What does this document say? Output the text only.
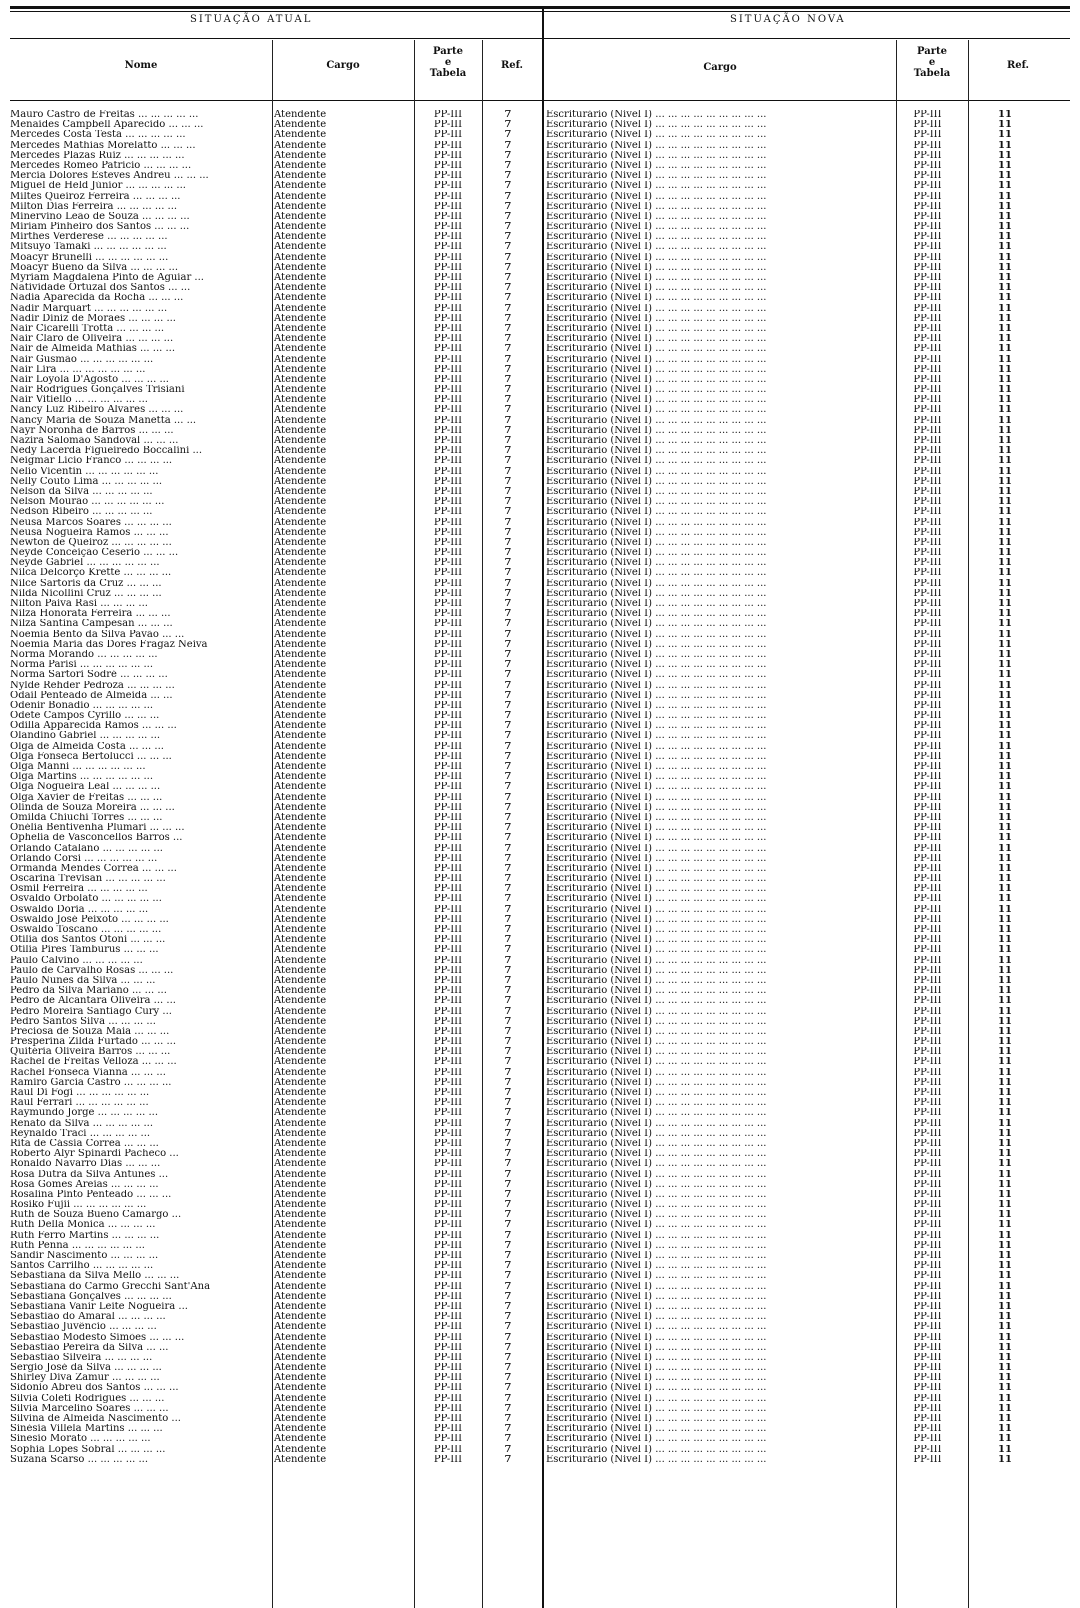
SITUAÇÃO ATUAL	SITUAÇÃO NOVA
Nome	Cargo
Parte
e
Tabela
Ref.	Cargo
Parte
e
Tabela
Ref.
Mauro Castro de Freitas ... ... ... ... ...	Atendente	PP-III	7	Escriturário (Nivel I) ... ... ... ... ... ... ... ... ...	PP-III	11
Menaides Campbell Aparecido ... ... ...	Atendente	PP-III	7	Escriturário (Nivel I) ... ... ... ... ... ... ... ... ...	PP-III	11
Mercedes Costa Testa ... ... ... ... ...	Atendente	PP-III	7	Escriturário (Nivel I) ... ... ... ... ... ... ... ... ...	PP-III	11
Mercedes Mathias Morelatto ... ... ...	Atendente	PP-III	7	Escriturário (Nivel I) ... ... ... ... ... ... ... ... ...	PP-III	11
Mercedes Plazas Ruiz ... ... ... ... ...	Atendente	PP-III	7	Escriturário (Nivel I) ... ... ... ... ... ... ... ... ...	PP-III	11
Mercedes Romeo Patricio ... ... ... ...	Atendente	PP-III	7	Escriturário (Nivel I) ... ... ... ... ... ... ... ... ...	PP-III	11
Mercia Dolores Esteves Andreu ... ... ...	Atendente	PP-III	7	Escriturário (Nivel I) ... ... ... ... ... ... ... ... ...	PP-III	11
Miguel de Held Júnior ... ... ... ... ...	Atendente	PP-III	7	Escriturário (Nivel I) ... ... ... ... ... ... ... ... ...	PP-III	11
Miltes Queiroz Ferreira ... ... ... ...	Atendente	PP-III	7	Escriturário (Nivel I) ... ... ... ... ... ... ... ... ...	PP-III	11
Milton Dias Ferreira ... ... ... ... ...	Atendente	PP-III	7	Escriturário (Nivel I) ... ... ... ... ... ... ... ... ...	PP-III	11
Minervino Leão de Souza ... ... ... ...	Atendente	PP-III	7	Escriturário (Nivel I) ... ... ... ... ... ... ... ... ...	PP-III	11
Miriam Pinheiro dos Santos ... ... ...	Atendente	PP-III	7	Escriturário (Nivel I) ... ... ... ... ... ... ... ... ...	PP-III	11
Mirthes Verderese ... ... ... ... ...	Atendente	PP-III	7	Escriturário (Nivel I) ... ... ... ... ... ... ... ... ...	PP-III	11
Mitsuyo Tamaki ... ... ... ... ... ...	Atendente	PP-III	7	Escriturário (Nivel I) ... ... ... ... ... ... ... ... ...	PP-III	11
Moacyr Brunelli ... ... ... ... ... ...	Atendente	PP-III	7	Escriturário (Nivel I) ... ... ... ... ... ... ... ... ...	PP-III	11
Moacyr Bueno da Silva ... ... ... ...	Atendente	PP-III	7	Escriturário (Nivel I) ... ... ... ... ... ... ... ... ...	PP-III	11
Myriam Magdalena Pinto de Aguiar ...	Atendente	PP-III	7	Escriturário (Nivel I) ... ... ... ... ... ... ... ... ...	PP-III	11
Natividade Ortuzal dos Santos ... ...	Atendente	PP-III	7	Escriturário (Nivel I) ... ... ... ... ... ... ... ... ...	PP-III	11
Nadia Aparecida da Rocha ... ... ...	Atendente	PP-III	7	Escriturário (Nivel I) ... ... ... ... ... ... ... ... ...	PP-III	11
Nadir Marquart ... ... ... ... ... ...	Atendente	PP-III	7	Escriturário (Nivel I) ... ... ... ... ... ... ... ... ...	PP-III	11
Nadir Diniz de Moraes ... ... ... ...	Atendente	PP-III	7	Escriturário (Nivel I) ... ... ... ... ... ... ... ... ...	PP-III	11
Nair Cicarelli Trotta ... ... ... ...	Atendente	PP-III	7	Escriturário (Nivel I) ... ... ... ... ... ... ... ... ...	PP-III	11
Nair Claro de Oliveira ... ... ... ...	Atendente	PP-III	7	Escriturário (Nivel I) ... ... ... ... ... ... ... ... ...	PP-III	11
Nair de Almeida Mathias ... ... ...	Atendente	PP-III	7	Escriturário (Nivel I) ... ... ... ... ... ... ... ... ...	PP-III	11
Nair Gusmão ... ... ... ... ... ...	Atendente	PP-III	7	Escriturário (Nivel I) ... ... ... ... ... ... ... ... ...	PP-III	11
Nair Lira ... ... ... ... ... ... ...	Atendente	PP-III	7	Escriturário (Nivel I) ... ... ... ... ... ... ... ... ...	PP-III	11
Nair Loyola D'Agosto ... ... ... ...	Atendente	PP-III	7	Escriturário (Nivel I) ... ... ... ... ... ... ... ... ...	PP-III	11
Nair Rodrigues Gonçalves Trisiani	Atendente	PP-III	7	Escriturário (Nivel I) ... ... ... ... ... ... ... ... ...	PP-III	11
Nair Vitiello ... ... ... ... ... ...	Atendente	PP-III	7	Escriturário (Nivel I) ... ... ... ... ... ... ... ... ...	PP-III	11
Nancy Luz Ribeiro Alvares ... ... ...	Atendente	PP-III	7	Escriturário (Nivel I) ... ... ... ... ... ... ... ... ...	PP-III	11
Nancy Maria de Souza Manetta ... ...	Atendente	PP-III	7	Escriturário (Nivel I) ... ... ... ... ... ... ... ... ...	PP-III	11
Nayr Noronha de Barros ... ... ...	Atendente	PP-III	7	Escriturário (Nivel I) ... ... ... ... ... ... ... ... ...	PP-III	11
Nazira Salomão Sandoval ... ... ...	Atendente	PP-III	7	Escriturário (Nivel I) ... ... ... ... ... ... ... ... ...	PP-III	11
Nedy Lacerda Figueiredo Boccalini ...	Atendente	PP-III	7	Escriturário (Nivel I) ... ... ... ... ... ... ... ... ...	PP-III	11
Neigmar Licio Franco ... ... ... ...	Atendente	PP-III	7	Escriturário (Nivel I) ... ... ... ... ... ... ... ... ...	PP-III	11
Nelio Vicentin ... ... ... ... ... ...	Atendente	PP-III	7	Escriturário (Nivel I) ... ... ... ... ... ... ... ... ...	PP-III	11
Nelly Couto Lima ... ... ... ... ...	Atendente	PP-III	7	Escriturário (Nivel I) ... ... ... ... ... ... ... ... ...	PP-III	11
Nelson da Silva ... ... ... ... ...	Atendente	PP-III	7	Escriturário (Nivel I) ... ... ... ... ... ... ... ... ...	PP-III	11
Nelson Mourão ... ... ... ... ... ...	Atendente	PP-III	7	Escriturário (Nivel I) ... ... ... ... ... ... ... ... ...	PP-III	11
Nedson Ribeiro ... ... ... ... ...	Atendente	PP-III	7	Escriturário (Nivel I) ... ... ... ... ... ... ... ... ...	PP-III	11
Neusa Marcos Soares ... ... ... ...	Atendente	PP-III	7	Escriturário (Nivel I) ... ... ... ... ... ... ... ... ...	PP-III	11
Neusa Nogueira Ramos ... ... ...	Atendente	PP-III	7	Escriturário (Nivel I) ... ... ... ... ... ... ... ... ...	PP-III	11
Newton de Queiroz ... ... ... ... ...	Atendente	PP-III	7	Escriturário (Nivel I) ... ... ... ... ... ... ... ... ...	PP-III	11
Neyde Conceição Ceserio ... ... ...	Atendente	PP-III	7	Escriturário (Nivel I) ... ... ... ... ... ... ... ... ...	PP-III	11
Neyde Gabriel ... ... ... ... ... ...	Atendente	PP-III	7	Escriturário (Nivel I) ... ... ... ... ... ... ... ... ...	PP-III	11
Nilca Delcorço Krette ... ... ... ...	Atendente	PP-III	7	Escriturário (Nivel I) ... ... ... ... ... ... ... ... ...	PP-III	11
Nilce Sartoris da Cruz ... ... ...	Atendente	PP-III	7	Escriturário (Nivel I) ... ... ... ... ... ... ... ... ...	PP-III	11
Nilda Nicollini Cruz ... ... ... ...	Atendente	PP-III	7	Escriturário (Nivel I) ... ... ... ... ... ... ... ... ...	PP-III	11
Nilton Paiva Rasi ... ... ... ...	Atendente	PP-III	7	Escriturário (Nivel I) ... ... ... ... ... ... ... ... ...	PP-III	11
Nilza Honorata Ferreira ... ... ...	Atendente	PP-III	7	Escriturário (Nivel I) ... ... ... ... ... ... ... ... ...	PP-III	11
Nilza Santina Campesan ... ... ...	Atendente	PP-III	7	Escriturário (Nivel I) ... ... ... ... ... ... ... ... ...	PP-III	11
Noemia Bento da Silva Pavão ... ...	Atendente	PP-III	7	Escriturário (Nivel I) ... ... ... ... ... ... ... ... ...	PP-III	11
Noemia Maria das Dores Fragaz Neiva	Atendente	PP-III	7	Escriturário (Nivel I) ... ... ... ... ... ... ... ... ...	PP-III	11
Norma Morando ... ... ... ... ...	Atendente	PP-III	7	Escriturário (Nivel I) ... ... ... ... ... ... ... ... ...	PP-III	11
Norma Parisi ... ... ... ... ... ...	Atendente	PP-III	7	Escriturário (Nivel I) ... ... ... ... ... ... ... ... ...	PP-III	11
Norma Sartori Sodré ... ... ... ...	Atendente	PP-III	7	Escriturário (Nivel I) ... ... ... ... ... ... ... ... ...	PP-III	11
Nylde Rehder Pedroza ... ... ... ...	Atendente	PP-III	7	Escriturário (Nivel I) ... ... ... ... ... ... ... ... ...	PP-III	11
Odail Penteado de Almeida ... ...	Atendente	PP-III	7	Escriturário (Nivel I) ... ... ... ... ... ... ... ... ...	PP-III	11
Odenir Bonadio ... ... ... ... ...	Atendente	PP-III	7	Escriturário (Nivel I) ... ... ... ... ... ... ... ... ...	PP-III	11
Odete Campos Cyrillo ... ... ...	Atendente	PP-III	7	Escriturário (Nivel I) ... ... ... ... ... ... ... ... ...	PP-III	11
Odilla Apparecida Ramos ... ... ...	Atendente	PP-III	7	Escriturário (Nivel I) ... ... ... ... ... ... ... ... ...	PP-III	11
Olandino Gabriel ... ... ... ... ...	Atendente	PP-III	7	Escriturário (Nivel I) ... ... ... ... ... ... ... ... ...	PP-III	11
Olga de Almeida Costa ... ... ...	Atendente	PP-III	7	Escriturário (Nivel I) ... ... ... ... ... ... ... ... ...	PP-III	11
Olga Fonseca Bertolucci ... ... ...	Atendente	PP-III	7	Escriturário (Nivel I) ... ... ... ... ... ... ... ... ...	PP-III	11
Olga Manni ... ... ... ... ... ...	Atendente	PP-III	7	Escriturário (Nivel I) ... ... ... ... ... ... ... ... ...	PP-III	11
Olga Martins ... ... ... ... ... ...	Atendente	PP-III	7	Escriturário (Nivel I) ... ... ... ... ... ... ... ... ...	PP-III	11
Olga Nogueira Leal ... ... ... ...	Atendente	PP-III	7	Escriturário (Nivel I) ... ... ... ... ... ... ... ... ...	PP-III	11
Olga Xavier de Freitas ... ... ...	Atendente	PP-III	7	Escriturário (Nivel I) ... ... ... ... ... ... ... ... ...	PP-III	11
Olinda de Souza Moreira ... ... ...	Atendente	PP-III	7	Escriturário (Nivel I) ... ... ... ... ... ... ... ... ...	PP-III	11
Omilda Chiuchi Torres ... ... ...	Atendente	PP-III	7	Escriturário (Nivel I) ... ... ... ... ... ... ... ... ...	PP-III	11
Onélia Bentivenha Plumari ... ... ...	Atendente	PP-III	7	Escriturário (Nivel I) ... ... ... ... ... ... ... ... ...	PP-III	11
Ophelia de Vasconcellos Barros ...	Atendente	PP-III	7	Escriturário (Nivel I) ... ... ... ... ... ... ... ... ...	PP-III	11
Orlando Catalano ... ... ... ... ...	Atendente	PP-III	7	Escriturário (Nivel I) ... ... ... ... ... ... ... ... ...	PP-III	11
Orlando Corsi ... ... ... ... ... ...	Atendente	PP-III	7	Escriturário (Nivel I) ... ... ... ... ... ... ... ... ...	PP-III	11
Ormanda Mendes Correa ... ... ...	Atendente	PP-III	7	Escriturário (Nivel I) ... ... ... ... ... ... ... ... ...	PP-III	11
Oscarina Trevisan ... ... ... ... ...	Atendente	PP-III	7	Escriturário (Nivel I) ... ... ... ... ... ... ... ... ...	PP-III	11
Osmil Ferreira ... ... ... ... ...	Atendente	PP-III	7	Escriturário (Nivel I) ... ... ... ... ... ... ... ... ...	PP-III	11
Osvaldo Orbolato ... ... ... ... ...	Atendente	PP-III	7	Escriturário (Nivel I) ... ... ... ... ... ... ... ... ...	PP-III	11
Oswaldo Doria ... ... ... ... ...	Atendente	PP-III	7	Escriturário (Nivel I) ... ... ... ... ... ... ... ... ...	PP-III	11
Oswaldo José Peixoto ... ... ... ...	Atendente	PP-III	7	Escriturário (Nivel I) ... ... ... ... ... ... ... ... ...	PP-III	11
Oswaldo Toscano ... ... ... ... ...	Atendente	PP-III	7	Escriturário (Nivel I) ... ... ... ... ... ... ... ... ...	PP-III	11
Otilia dos Santos Otoni ... ... ...	Atendente	PP-III	7	Escriturário (Nivel I) ... ... ... ... ... ... ... ... ...	PP-III	11
Otilia Pires Tamburus ... ... ...	Atendente	PP-III	7	Escriturário (Nivel I) ... ... ... ... ... ... ... ... ...	PP-III	11
Paulo Calvino ... ... ... ... ...	Atendente	PP-III	7	Escriturário (Nivel I) ... ... ... ... ... ... ... ... ...	PP-III	11
Paulo de Carvalho Rosas ... ... ...	Atendente	PP-III	7	Escriturário (Nivel I) ... ... ... ... ... ... ... ... ...	PP-III	11
Paulo Nunes da Silva ... ... ...	Atendente	PP-III	7	Escriturário (Nivel I) ... ... ... ... ... ... ... ... ...	PP-III	11
Pedro da Silva Mariano ... ... ...	Atendente	PP-III	7	Escriturário (Nivel I) ... ... ... ... ... ... ... ... ...	PP-III	11
Pedro de Alcantara Oliveira ... ...	Atendente	PP-III	7	Escriturário (Nivel I) ... ... ... ... ... ... ... ... ...	PP-III	11
Pedro Moreira Santiago Cury ...	Atendente	PP-III	7	Escriturário (Nivel I) ... ... ... ... ... ... ... ... ...	PP-III	11
Pedro Santos Silva ... ... ... ...	Atendente	PP-III	7	Escriturário (Nivel I) ... ... ... ... ... ... ... ... ...	PP-III	11
Preciosa de Souza Maia ... ... ...	Atendente	PP-III	7	Escriturário (Nivel I) ... ... ... ... ... ... ... ... ...	PP-III	11
Presperina Zilda Furtado ... ... ...	Atendente	PP-III	7	Escriturário (Nivel I) ... ... ... ... ... ... ... ... ...	PP-III	11
Quitéria Oliveira Barros ... ... ...	Atendente	PP-III	7	Escriturário (Nivel I) ... ... ... ... ... ... ... ... ...	PP-III	11
Rachel de Freitas Velloza ... ... ...	Atendente	PP-III	7	Escriturário (Nivel I) ... ... ... ... ... ... ... ... ...	PP-III	11
Rachel Fonseca Vianna ... ... ...	Atendente	PP-III	7	Escriturário (Nivel I) ... ... ... ... ... ... ... ... ...	PP-III	11
Ramiro Garcia Castro ... ... ... ...	Atendente	PP-III	7	Escriturário (Nivel I) ... ... ... ... ... ... ... ... ...	PP-III	11
Raul Di Fogi ... ... ... ... ... ...	Atendente	PP-III	7	Escriturário (Nivel I) ... ... ... ... ... ... ... ... ...	PP-III	11
Raul Ferrari ... ... ... ... ... ...	Atendente	PP-III	7	Escriturário (Nivel I) ... ... ... ... ... ... ... ... ...	PP-III	11
Raymundo Jorge ... ... ... ... ...	Atendente	PP-III	7	Escriturário (Nivel I) ... ... ... ... ... ... ... ... ...	PP-III	11
Renato da Silva ... ... ... ... ...	Atendente	PP-III	7	Escriturário (Nivel I) ... ... ... ... ... ... ... ... ...	PP-III	11
Reynaldo Traci ... ... ... ... ...	Atendente	PP-III	7	Escriturário (Nivel I) ... ... ... ... ... ... ... ... ...	PP-III	11
Rita de Cássia Correa ... ... ...	Atendente	PP-III	7	Escriturário (Nivel I) ... ... ... ... ... ... ... ... ...	PP-III	11
Roberto Alyr Spinardi Pacheco ...	Atendente	PP-III	7	Escriturário (Nivel I) ... ... ... ... ... ... ... ... ...	PP-III	11
Ronaldo Navarro Dias ... ... ...	Atendente	PP-III	7	Escriturário (Nivel I) ... ... ... ... ... ... ... ... ...	PP-III	11
Rosa Dutra da Silva Antunes ...	Atendente	PP-III	7	Escriturário (Nivel I) ... ... ... ... ... ... ... ... ...	PP-III	11
Rosa Gomes Areias ... ... ... ...	Atendente	PP-III	7	Escriturário (Nivel I) ... ... ... ... ... ... ... ... ...	PP-III	11
Rosalina Pinto Penteado ... ... ...	Atendente	PP-III	7	Escriturário (Nivel I) ... ... ... ... ... ... ... ... ...	PP-III	11
Rosiko Fujii ... ... ... ... ... ...	Atendente	PP-III	7	Escriturário (Nivel I) ... ... ... ... ... ... ... ... ...	PP-III	11
Ruth de Souza Bueno Camargo ...	Atendente	PP-III	7	Escriturário (Nivel I) ... ... ... ... ... ... ... ... ...	PP-III	11
Ruth Della Monica ... ... ... ...	Atendente	PP-III	7	Escriturário (Nivel I) ... ... ... ... ... ... ... ... ...	PP-III	11
Ruth Ferro Martins ... ... ... ...	Atendente	PP-III	7	Escriturário (Nivel I) ... ... ... ... ... ... ... ... ...	PP-III	11
Ruth Penna ... ... ... ... ... ...	Atendente	PP-III	7	Escriturário (Nivel I) ... ... ... ... ... ... ... ... ...	PP-III	11
Sandir Nascimento ... ... ... ...	Atendente	PP-III	7	Escriturário (Nivel I) ... ... ... ... ... ... ... ... ...	PP-III	11
Santos Carrilho ... ... ... ... ...	Atendente	PP-III	7	Escriturário (Nivel I) ... ... ... ... ... ... ... ... ...	PP-III	11
Sebastiana da Silva Mello ... ... ...	Atendente	PP-III	7	Escriturário (Nivel I) ... ... ... ... ... ... ... ... ...	PP-III	11
Sebastiana do Carmo Grecchi Sant'Ana	Atendente	PP-III	7	Escriturário (Nivel I) ... ... ... ... ... ... ... ... ...	PP-III	11
Sebastiana Gonçalves ... ... ... ...	Atendente	PP-III	7	Escriturário (Nivel I) ... ... ... ... ... ... ... ... ...	PP-III	11
Sebastiana Vanir Leite Nogueira ...	Atendente	PP-III	7	Escriturário (Nivel I) ... ... ... ... ... ... ... ... ...	PP-III	11
Sebastião do Amaral ... ... ... ...	Atendente	PP-III	7	Escriturário (Nivel I) ... ... ... ... ... ... ... ... ...	PP-III	11
Sebastião Juvêncio ... ... ... ...	Atendente	PP-III	7	Escriturário (Nivel I) ... ... ... ... ... ... ... ... ...	PP-III	11
Sebastião Modesto Simões ... ... ...	Atendente	PP-III	7	Escriturário (Nivel I) ... ... ... ... ... ... ... ... ...	PP-III	11
Sebastião Pereira da Silva ... ...	Atendente	PP-III	7	Escriturário (Nivel I) ... ... ... ... ... ... ... ... ...	PP-III	11
Sebastião Silveira ... ... ... ...	Atendente	PP-III	7	Escriturário (Nivel I) ... ... ... ... ... ... ... ... ...	PP-III	11
Sergio José da Silva ... ... ... ...	Atendente	PP-III	7	Escriturário (Nivel I) ... ... ... ... ... ... ... ... ...	PP-III	11
Shirley Diva Zamur ... ... ... ...	Atendente	PP-III	7	Escriturário (Nivel I) ... ... ... ... ... ... ... ... ...	PP-III	11
Sidonio Abreu dos Santos ... ... ...	Atendente	PP-III	7	Escriturário (Nivel I) ... ... ... ... ... ... ... ... ...	PP-III	11
Silvia Coleti Rodrigues ... ... ...	Atendente	PP-III	7	Escriturário (Nivel I) ... ... ... ... ... ... ... ... ...	PP-III	11
Silvia Marcelino Soares ... ... ...	Atendente	PP-III	7	Escriturário (Nivel I) ... ... ... ... ... ... ... ... ...	PP-III	11
Silvina de Almeida Nascimento ...	Atendente	PP-III	7	Escriturário (Nivel I) ... ... ... ... ... ... ... ... ...	PP-III	11
Sinésia Villela Martins ... ... ...	Atendente	PP-III	7	Escriturário (Nivel I) ... ... ... ... ... ... ... ... ...	PP-III	11
Sinesio Morato ... ... ... ... ...	Atendente	PP-III	7	Escriturário (Nivel I) ... ... ... ... ... ... ... ... ...	PP-III	11
Sophia Lopes Sobral ... ... ... ...	Atendente	PP-III	7	Escriturário (Nivel I) ... ... ... ... ... ... ... ... ...	PP-III	11
Suzana Scarso ... ... ... ... ...	Atendente	PP-III	7	Escriturário (Nivel I) ... ... ... ... ... ... ... ... ...	PP-III	11
